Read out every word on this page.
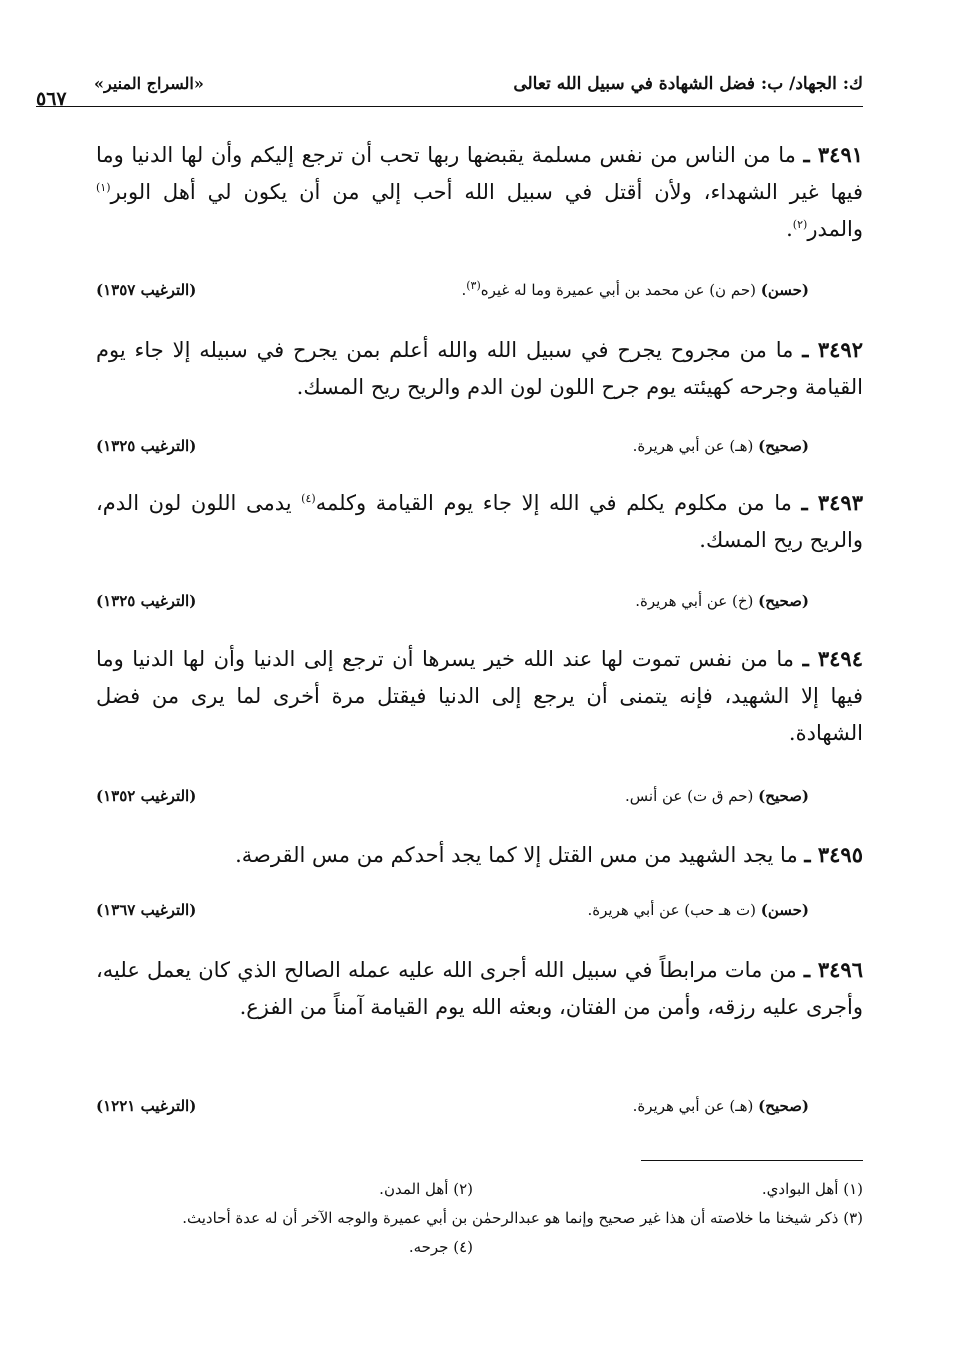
ك: الجهاد/ ب: فضل الشهادة في سبيل الله تعالى
«السراج المنير»
٥٦٧
٣٤٩١ ـ ما من الناس من نفس مسلمة يقبضها ربها تحب أن ترجع إليكم وأن لها الدنيا وما فيها غير الشهداء، ولأن أقتل في سبيل الله أحب إلي من أن يكون لي أهل الوبر$^{(١)}$ والمدر$^{(٢)}$.
(حسن) (حم ن) عن محمد بن أبي عميرة وما له غيره$^{(٣)}$.
(الترغيب ١٣٥٧)
٣٤٩٢ ـ ما من مجروح يجرح في سبيل الله والله أعلم بمن يجرح في سبيله إلا جاء يوم القيامة وجرحه كهيئته يوم جرح اللون لون الدم والريح ريح المسك.
(صحيح) (هـ) عن أبي هريرة.
(الترغيب ١٣٢٥)
٣٤٩٣ ـ ما من مكلوم يكلم في الله إلا جاء يوم القيامة وكلمه$^{(٤)}$ يدمى اللون لون الدم، والريح ريح المسك.
(صحيح) (خ) عن أبي هريرة.
(الترغيب ١٣٢٥)
٣٤٩٤ ـ ما من نفس تموت لها عند الله خير يسرها أن ترجع إلى الدنيا وأن لها الدنيا وما فيها إلا الشهيد، فإنه يتمنى أن يرجع إلى الدنيا فيقتل مرة أخرى لما يرى من فضل الشهادة.
(صحيح) (حم ق ت) عن أنس.
(الترغيب ١٣٥٢)
٣٤٩٥ ـ ما يجد الشهيد من مس القتل إلا كما يجد أحدكم من مس القرصة.
(حسن) (ت هـ حب) عن أبي هريرة.
(الترغيب ١٣٦٧)
٣٤٩٦ ـ من مات مرابطاً في سبيل الله أجرى الله عليه عمله الصالح الذي كان يعمل عليه، وأجرى عليه رزقه، وأمن من الفتان، وبعثه الله يوم القيامة آمناً من الفزع.
(صحيح) (هـ) عن أبي هريرة.
(الترغيب ١٢٢١)
(١) أهل البوادي.
(٢) أهل المدن.
(٣) ذكر شيخنا ما خلاصته أن هذا غير صحيح وإنما هو عبدالرحمٰن بن أبي عميرة والوجه الآخر أن له عدة أحاديث.
(٤) جرحه.
